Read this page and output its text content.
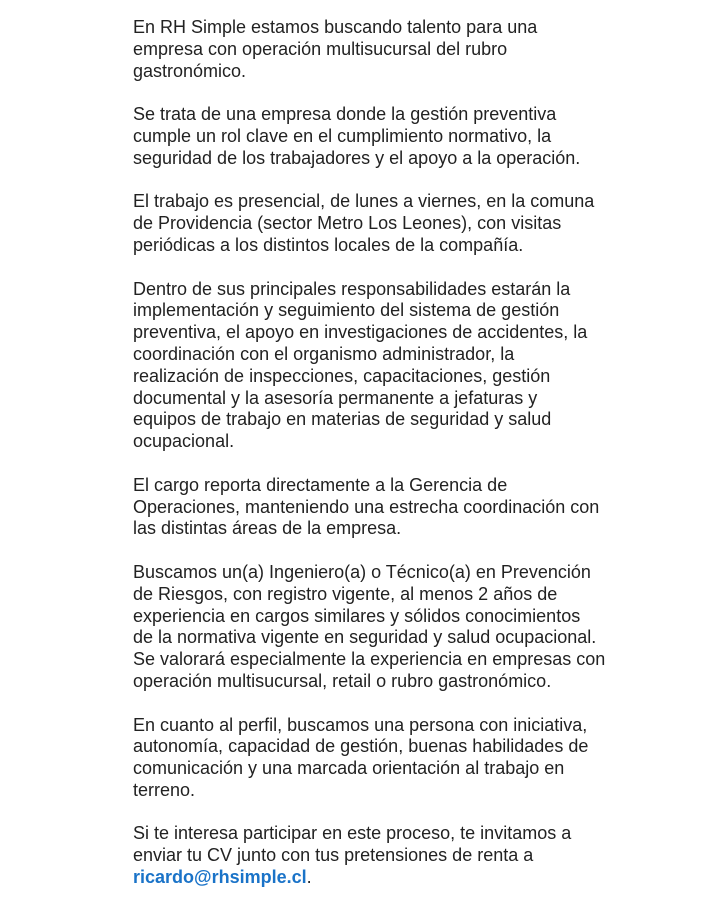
En RH Simple estamos buscando talento para una
empresa con operación multisucursal del rubro
gastronómico.

Se trata de una empresa donde la gestión preventiva
cumple un rol clave en el cumplimiento normativo, la
seguridad de los trabajadores y el apoyo a la operación.

El trabajo es presencial, de lunes a viernes, en la comuna
de Providencia (sector Metro Los Leones), con visitas
periódicas a los distintos locales de la compañía.

Dentro de sus principales responsabilidades estarán la
implementación y seguimiento del sistema de gestión
preventiva, el apoyo en investigaciones de accidentes, la
coordinación con el organismo administrador, la
realización de inspecciones, capacitaciones, gestión
documental y la asesoría permanente a jefaturas y
equipos de trabajo en materias de seguridad y salud
ocupacional.

El cargo reporta directamente a la Gerencia de
Operaciones, manteniendo una estrecha coordinación con
las distintas áreas de la empresa.

Buscamos un(a) Ingeniero(a) o Técnico(a) en Prevención
de Riesgos, con registro vigente, al menos 2 años de
experiencia en cargos similares y sólidos conocimientos
de la normativa vigente en seguridad y salud ocupacional.
Se valorará especialmente la experiencia en empresas con
operación multisucursal, retail o rubro gastronómico.

En cuanto al perfil, buscamos una persona con iniciativa,
autonomía, capacidad de gestión, buenas habilidades de
comunicación y una marcada orientación al trabajo en
terreno.

Si te interesa participar en este proceso, te invitamos a
enviar tu CV junto con tus pretensiones de renta a
ricardo@rhsimple.cl.
